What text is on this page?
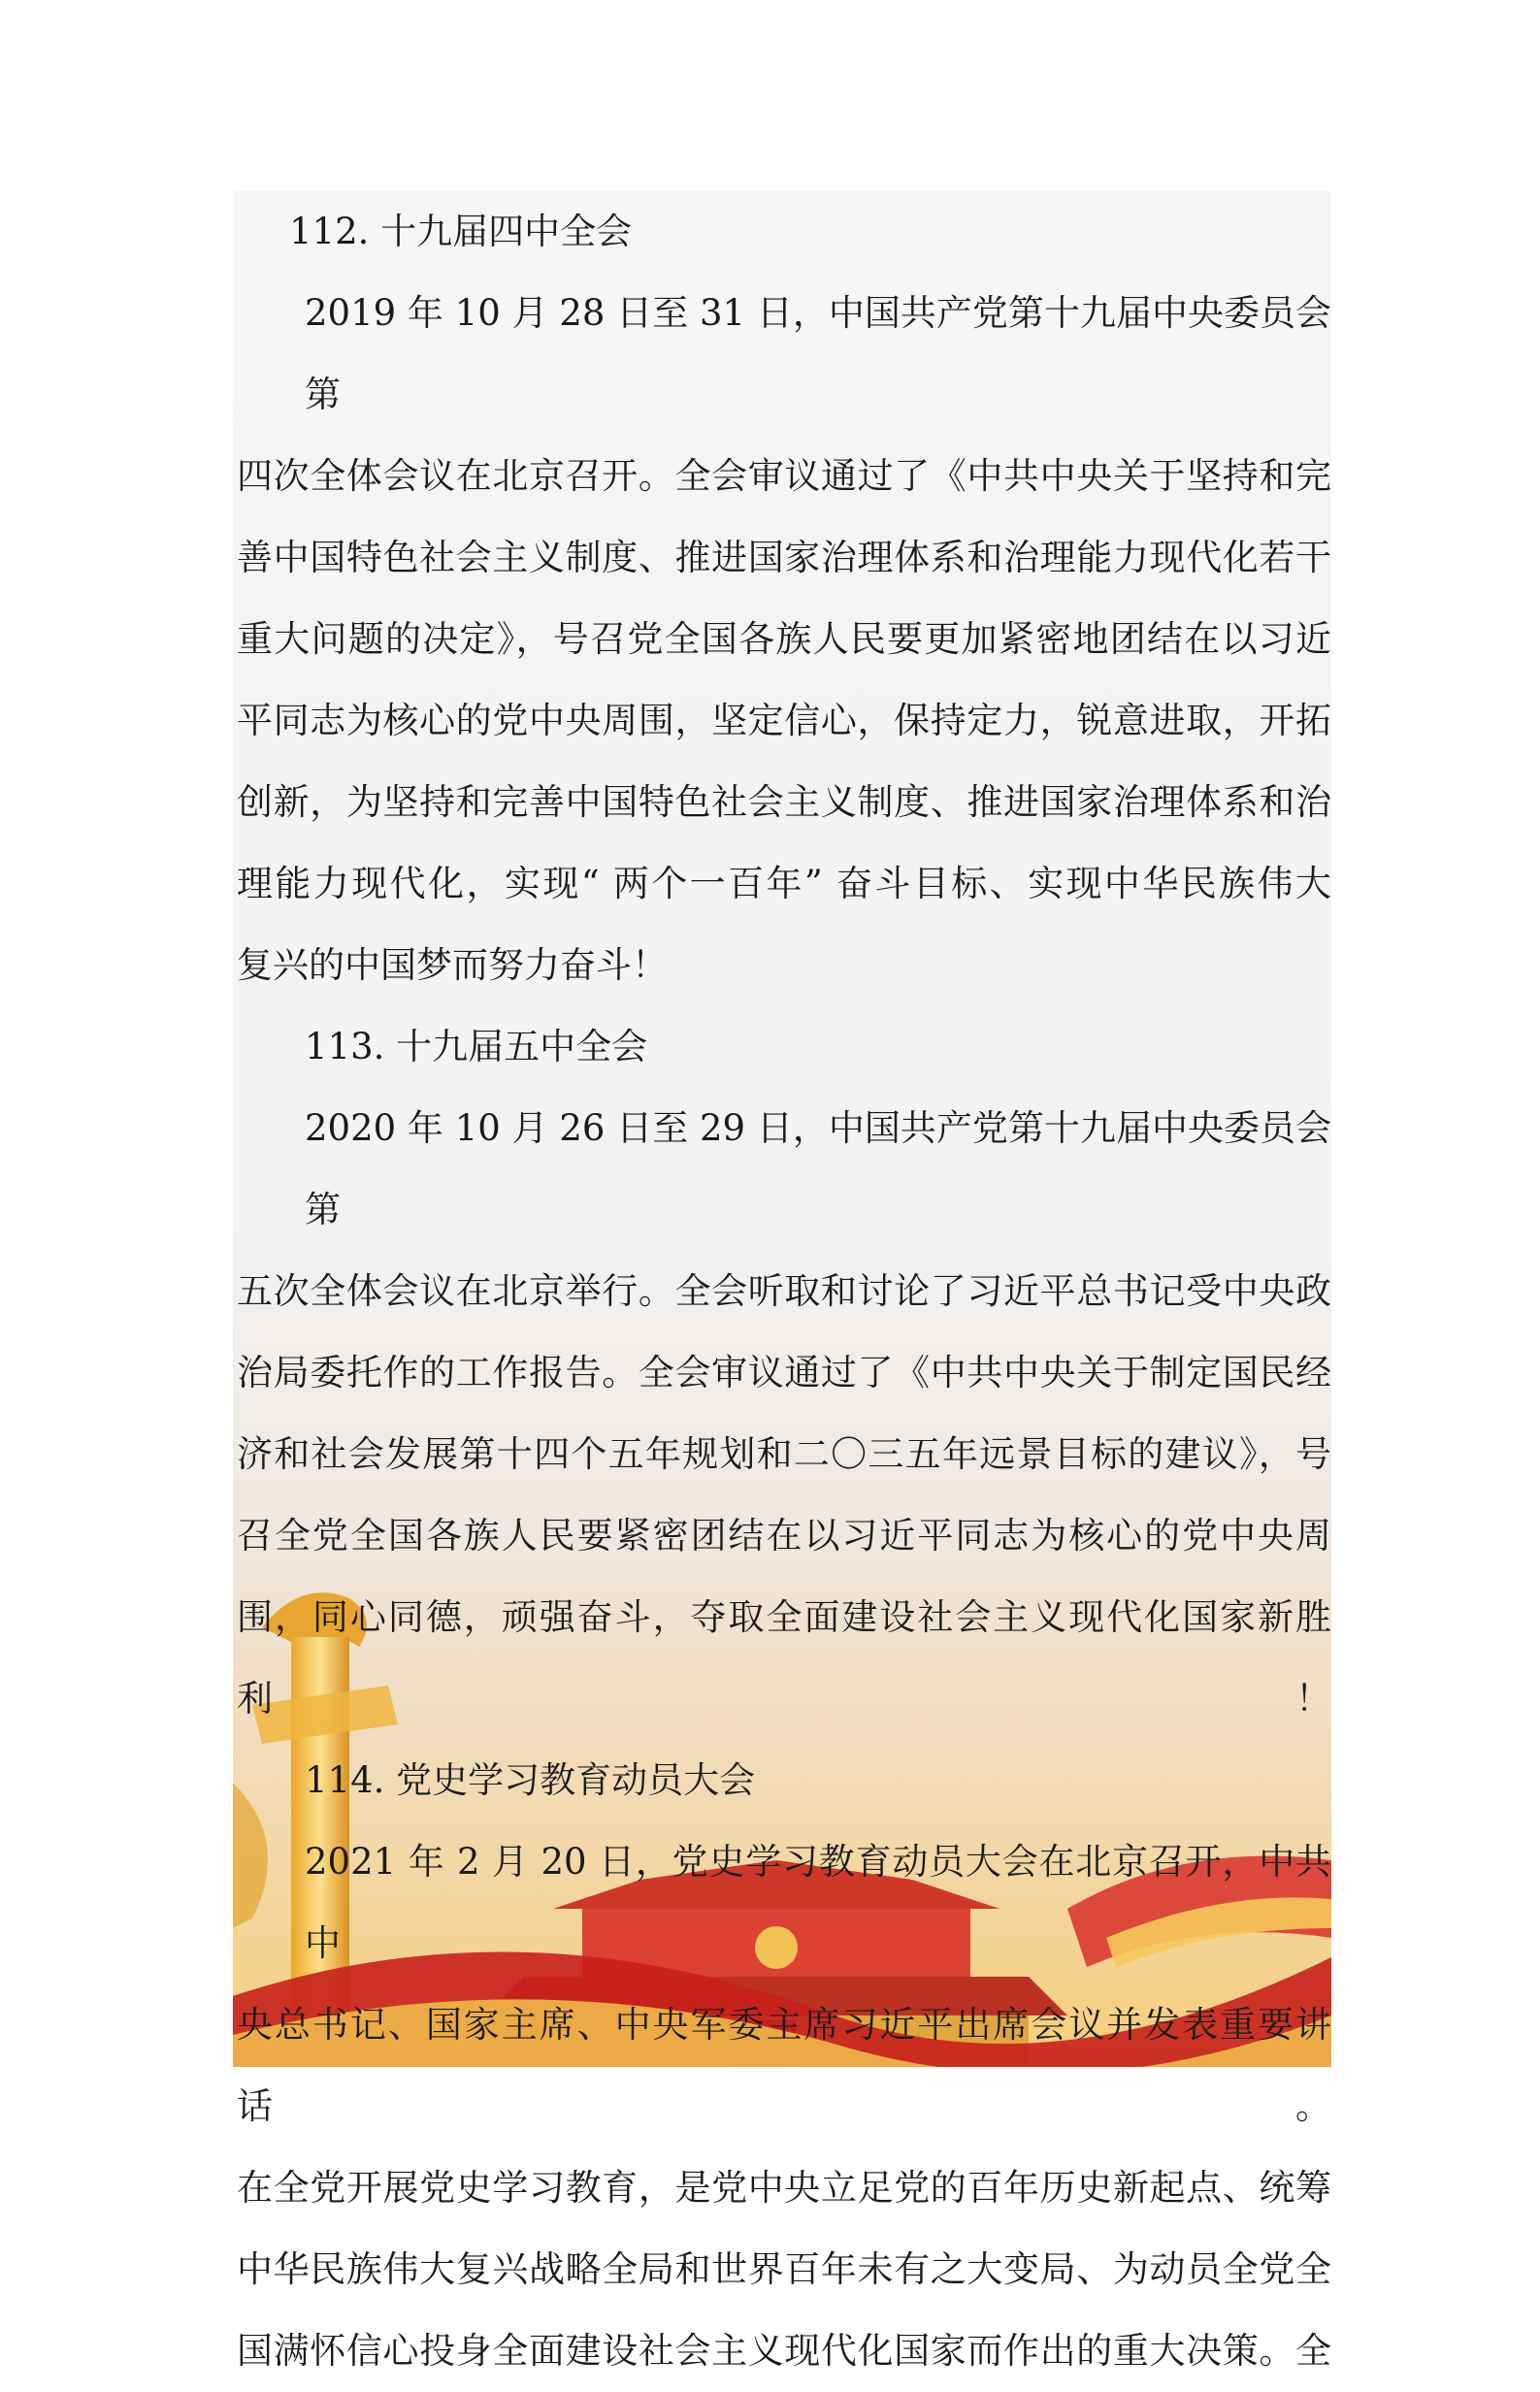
112. 十九届四中全会

2019 年 10 月 28 日至 31 日，中国共产党第十九届中央委员会第

四次全体会议在北京召开。全会审议通过了《中共中央关于坚持和完

善中国特色社会主义制度、推进国家治理体系和治理能力现代化若干

重大问题的决定》，号召党全国各族人民要更加紧密地团结在以习近

平同志为核心的党中央周围，坚定信心，保持定力，锐意进取，开拓

创新，为坚持和完善中国特色社会主义制度、推进国家治理体系和治

理能力现代化，实现“ 两个一百年” 奋斗目标、实现中华民族伟大

复兴的中国梦而努力奋斗！

113. 十九届五中全会

2020 年 10 月 26 日至 29 日，中国共产党第十九届中央委员会第

五次全体会议在北京举行。全会听取和讨论了习近平总书记受中央政

治局委托作的工作报告。全会审议通过了《中共中央关于制定国民经

济和社会发展第十四个五年规划和二〇三五年远景目标的建议》，号

召全党全国各族人民要紧密团结在以习近平同志为核心的党中央周

围，同心同德，顽强奋斗，夺取全面建设社会主义现代化国家新胜利！

114. 党史学习教育动员大会

2021 年 2 月 20 日，党史学习教育动员大会在北京召开，中共中

央总书记、国家主席、中央军委主席习近平出席会议并发表重要讲话。

在全党开展党史学习教育，是党中央立足党的百年历史新起点、统筹

中华民族伟大复兴战略全局和世界百年未有之大变局、为动员全党全

国满怀信心投身全面建设社会主义现代化国家而作出的重大决策。全
